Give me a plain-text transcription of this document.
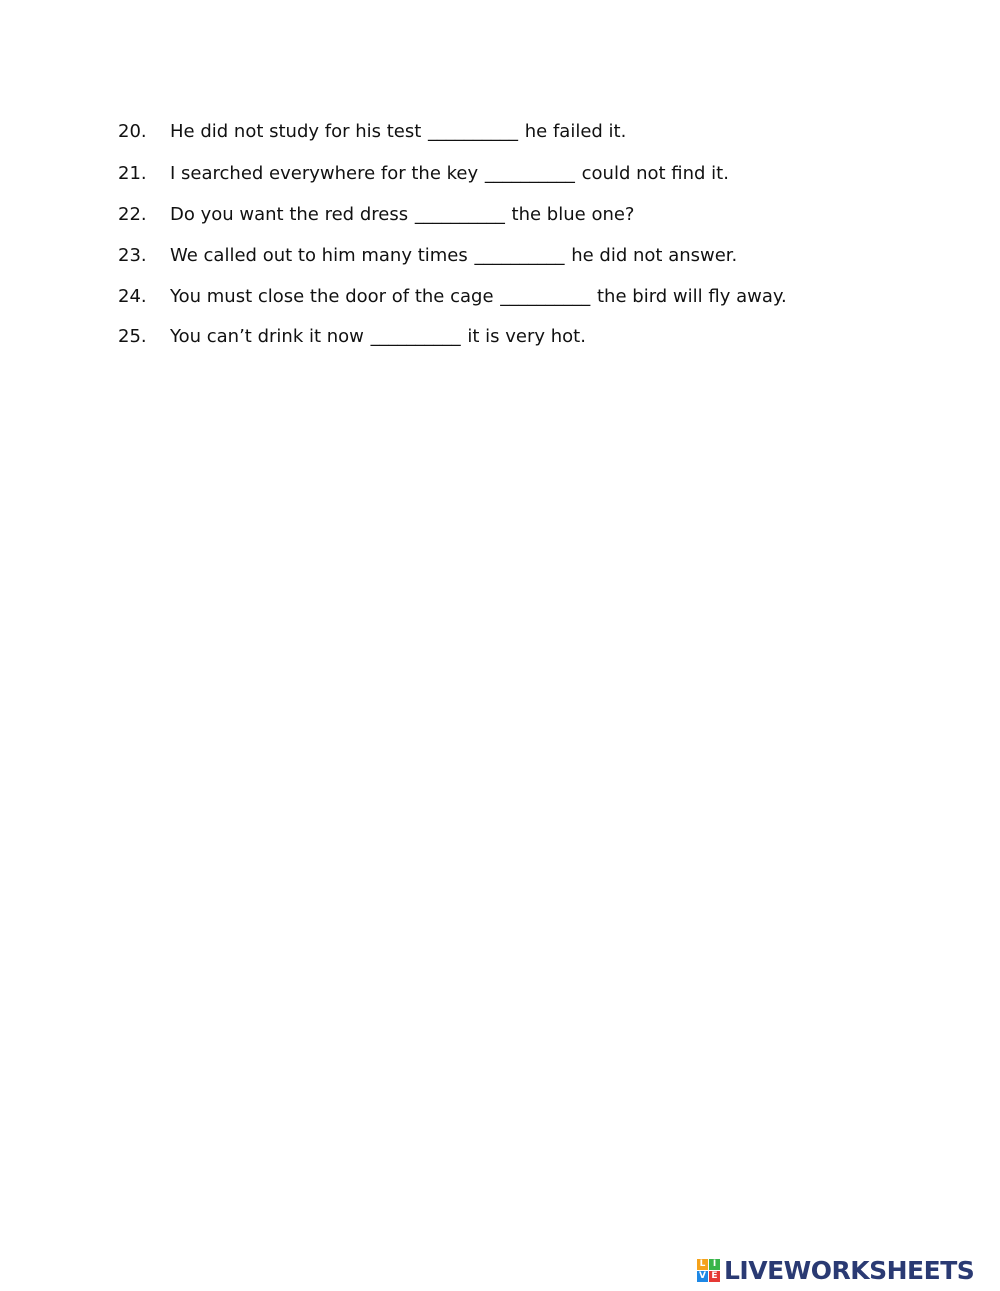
20.	He did not study for his test __________ he failed it.
21.	I searched everywhere for the key __________ could not find it.
22.	Do you want the red dress __________ the blue one?
23.	We called out to him many times __________ he did not answer.
24.	You must close the door of the cage __________ the bird will fly away.
25.	You can’t drink it now __________ it is very hot.
L I
V E LIVEWORKSHEETS
